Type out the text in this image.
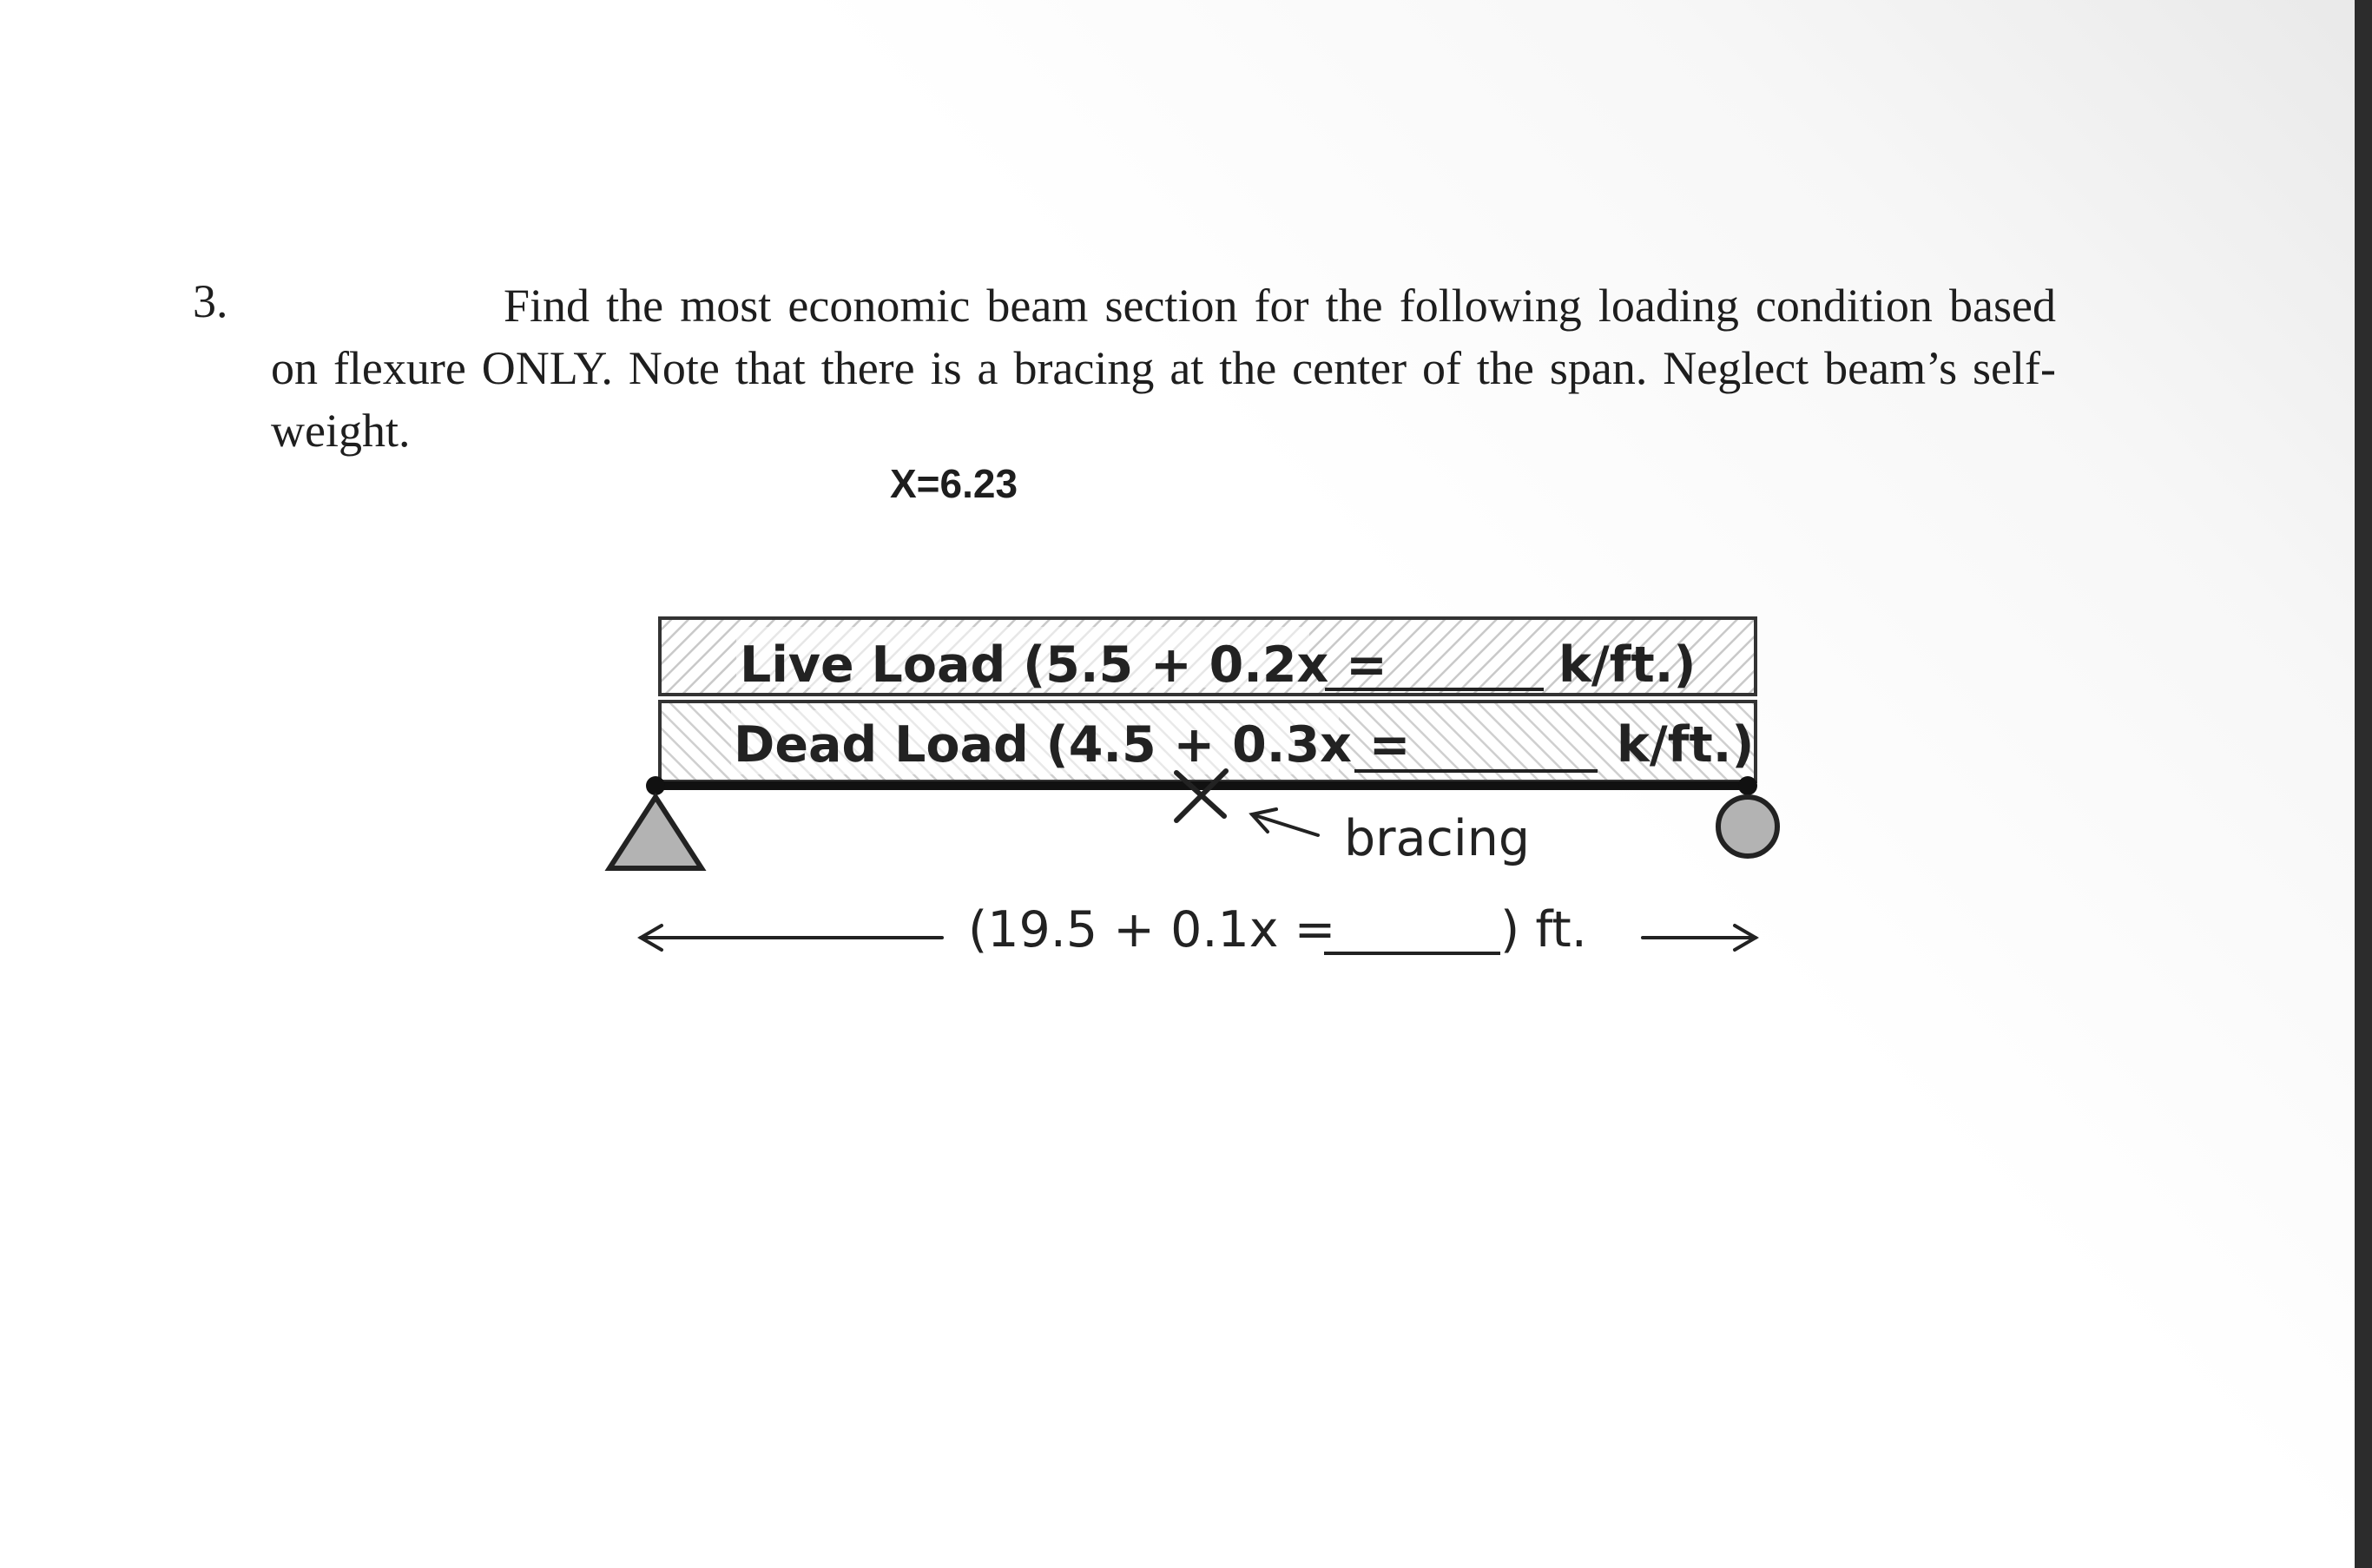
3.	Find the most economic beam section for the following loading condition based on flexure ONLY. Note that there is a bracing at the center of the span. Neglect beam’s self-weight.
X=6.23
Live Load (5.5 + 0.2x =	k/ft.)
Dead Load (4.5 + 0.3x =	k/ft.)
bracing
(19.5 + 0.1x =	) ft.
